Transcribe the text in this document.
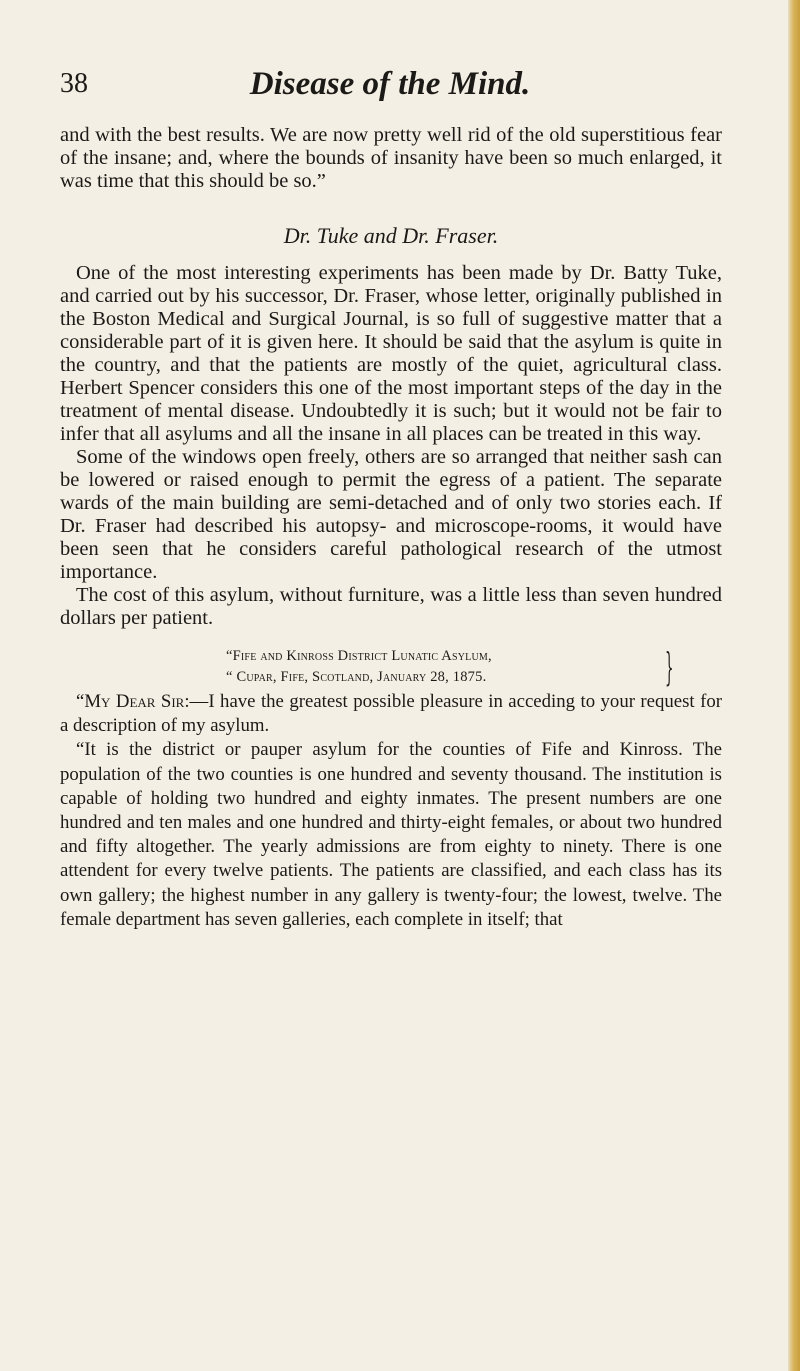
38	Disease of the Mind.

and with the best results. We are now pretty well rid of the old superstitious fear of the insane; and, where the bounds of insanity have been so much enlarged, it was time that this should be so.”

Dr. Tuke and Dr. Fraser.

One of the most interesting experiments has been made by Dr. Batty Tuke, and carried out by his successor, Dr. Fraser, whose letter, originally published in the Boston Medical and Surgical Journal, is so full of suggestive matter that a considerable part of it is given here. It should be said that the asylum is quite in the country, and that the patients are mostly of the quiet, agricultural class. Herbert Spencer considers this one of the most important steps of the day in the treatment of mental disease. Undoubtedly it is such; but it would not be fair to infer that all asylums and all the insane in all places can be treated in this way.

Some of the windows open freely, others are so arranged that neither sash can be lowered or raised enough to permit the egress of a patient. The separate wards of the main building are semi-detached and of only two stories each. If Dr. Fraser had described his autopsy- and microscope-rooms, it would have been seen that he considers careful pathological research of the utmost importance.

The cost of this asylum, without furniture, was a little less than seven hundred dollars per patient.

“Fife and Kinross District Lunatic Asylum,
“ Cupar, Fife, Scotland, January 28, 1875.	}

“My Dear Sir:—I have the greatest possible pleasure in acceding to your request for a description of my asylum.

“It is the district or pauper asylum for the counties of Fife and Kinross. The population of the two counties is one hundred and seventy thousand. The institution is capable of holding two hundred and eighty inmates. The present numbers are one hundred and ten males and one hundred and thirty-eight females, or about two hundred and fifty altogether. The yearly admissions are from eighty to ninety. There is one attendent for every twelve patients. The patients are classified, and each class has its own gallery; the highest number in any gallery is twenty-four; the lowest, twelve. The female department has seven galleries, each complete in itself; that
